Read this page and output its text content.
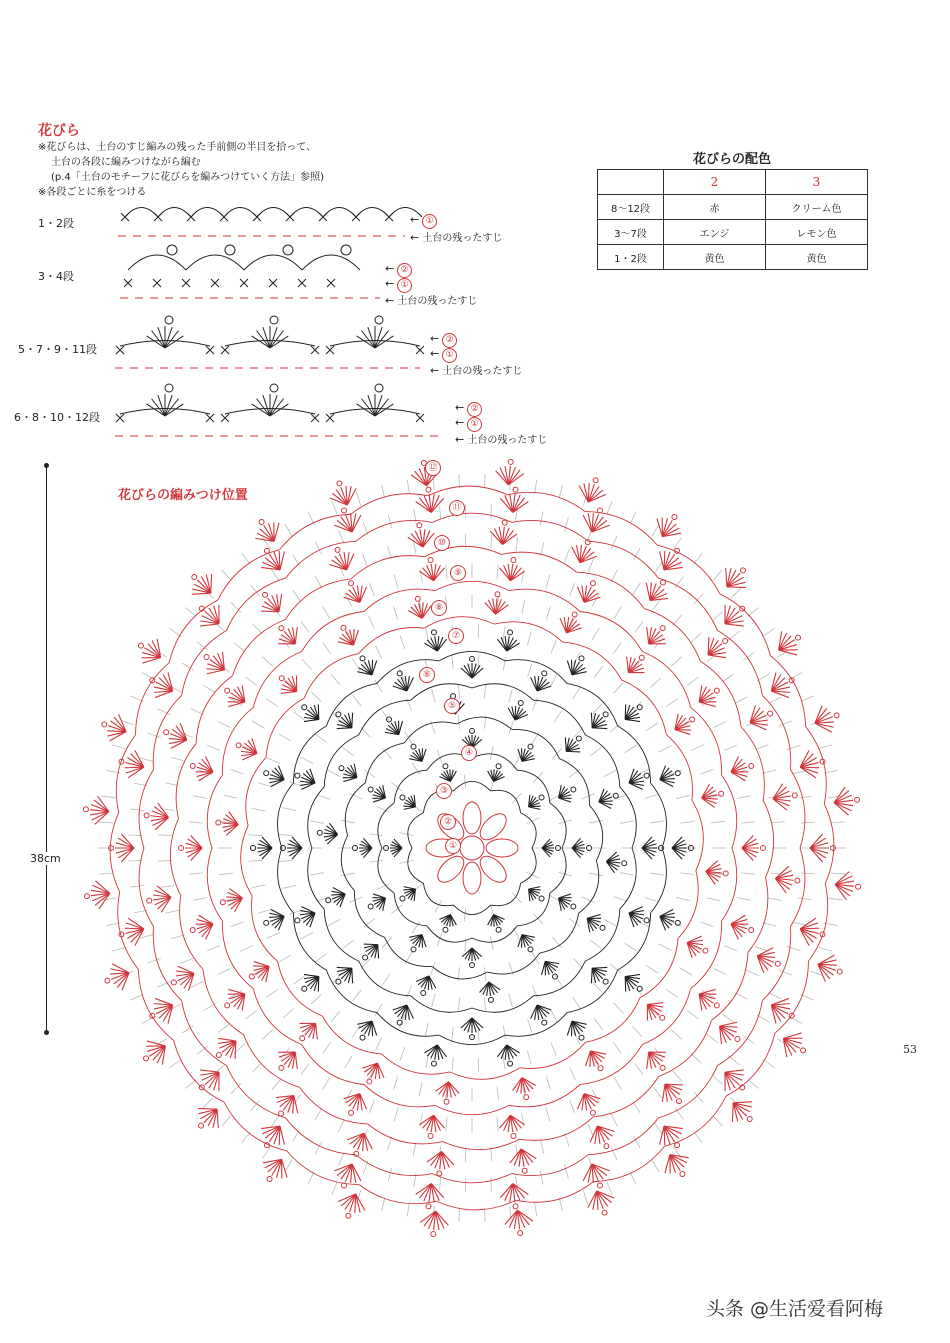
花びら
※花びらは、土台のすじ編みの残った手前側の半目を拾って、
土台の各段に編みつけながら編む
(p.4「土台のモチーフに花びらを編みつけていく方法」参照)
※各段ごとに糸をつける
1・2段
3・4段
5・7・9・11段
6・8・10・12段
← ①
← 土台の残ったすじ
← ②
← ①
← 土台の残ったすじ
← ②
← ①
← 土台の残ったすじ
← ②
← ①
← 土台の残ったすじ
花びらの配色
	2	3
8〜12段	赤	クリーム色
3〜7段	エンジ	レモン色
1・2段	黄色	黄色
花びらの編みつけ位置
38cm
①
②
③
④
⑤
⑥
⑦
⑧
⑨
⑩
⑪
⑫
53
头条 @生活爱看阿梅
